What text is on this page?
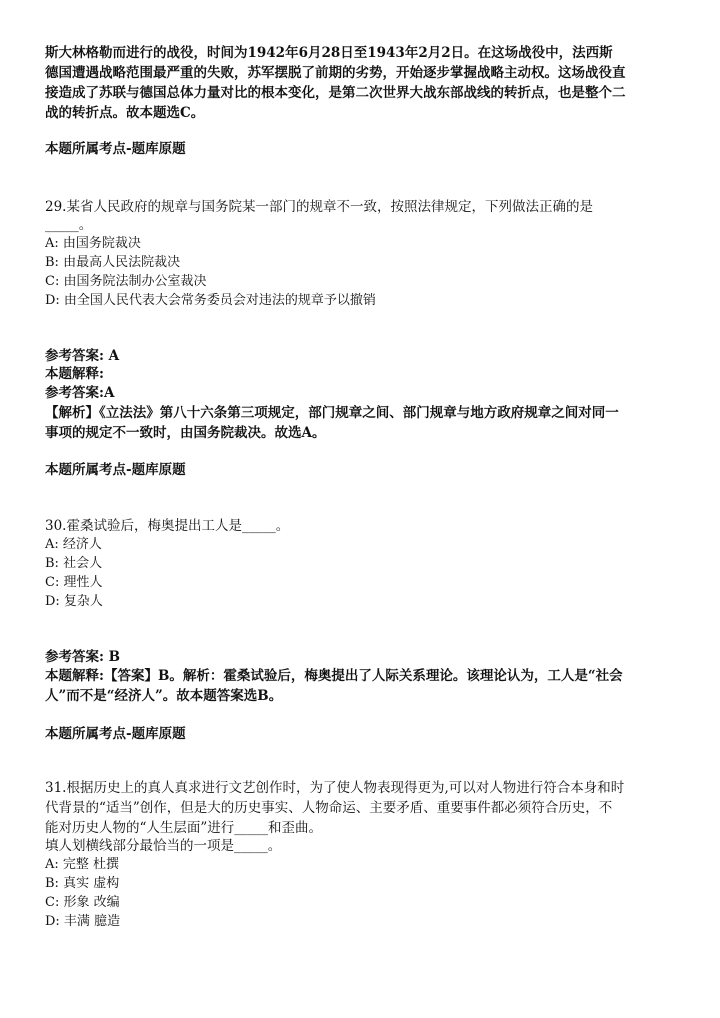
斯大林格勒而进行的战役，时间为1942年6月28日至1943年2月2日。在这场战役中，法西斯
德国遭遇战略范围最严重的失败，苏军摆脱了前期的劣势，开始逐步掌握战略主动权。这场战役直
接造成了苏联与德国总体力量对比的根本变化，是第二次世界大战东部战线的转折点，也是整个二
战的转折点。故本题选C。
本题所属考点-题库原题
29.某省人民政府的规章与国务院某一部门的规章不一致，按照法律规定，下列做法正确的是
_____。
A: 由国务院裁决
B: 由最高人民法院裁决
C: 由国务院法制办公室裁决
D: 由全国人民代表大会常务委员会对违法的规章予以撤销
参考答案: A
本题解释:
参考答案:A
【解析】《立法法》第八十六条第三项规定，部门规章之间、部门规章与地方政府规章之间对同一
事项的规定不一致时，由国务院裁决。故选A。
本题所属考点-题库原题
30.霍桑试验后，梅奥提出工人是_____。
A: 经济人
B: 社会人
C: 理性人
D: 复杂人
参考答案: B
本题解释:【答案】B。解析：霍桑试验后，梅奥提出了人际关系理论。该理论认为，工人是“社会
人”而不是“经济人”。故本题答案选B。
本题所属考点-题库原题
31.根据历史上的真人真求进行文艺创作时，为了使人物表现得更为,可以对人物进行符合本身和时
代背景的“适当”创作，但是大的历史事实、人物命运、主要矛盾、重要事件都必须符合历史，不
能对历史人物的“人生层面”进行_____和歪曲。
填人划横线部分最恰当的一项是_____。
A: 完整 杜撰
B: 真实 虚构
C: 形象 改编
D: 丰满 臆造
